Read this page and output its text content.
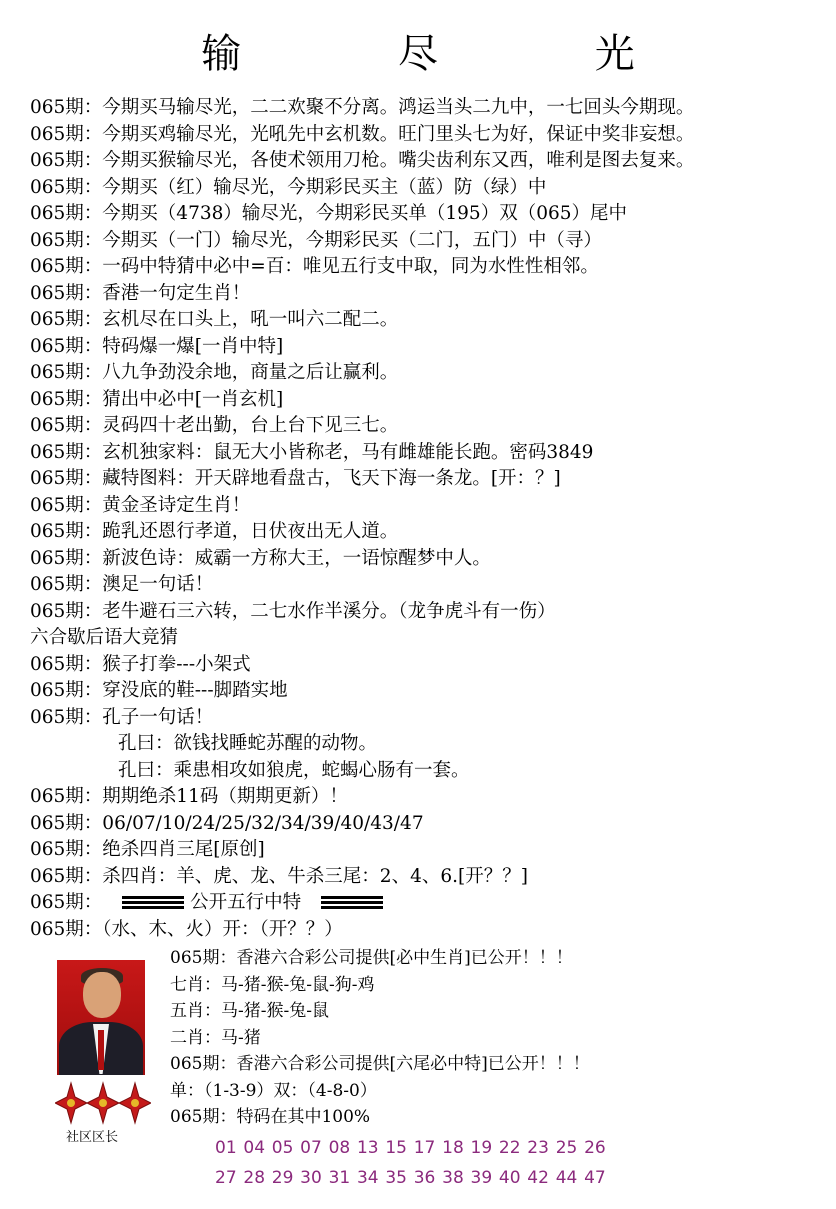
输 尽 光
065期：今期买马输尽光，二二欢聚不分离。鸿运当头二九中，一七回头今期现。
065期：今期买鸡输尽光，光吼先中玄机数。旺门里头七为好，保证中奖非妄想。
065期：今期买猴输尽光，各使术领用刀枪。嘴尖齿利东又西，唯利是图去复来。
065期：今期买（红）输尽光，今期彩民买主（蓝）防（绿）中
065期：今期买（4738）输尽光，今期彩民买单（195）双（065）尾中
065期：今期买（一门）输尽光，今期彩民买（二门，五门）中（寻）
065期：一码中特猜中必中=百：唯见五行支中取，同为水性性相邻。
065期：香港一句定生肖！
065期：玄机尽在口头上，吼一叫六二配二。
065期：特码爆一爆[一肖中特]
065期：八九争劲没余地，商量之后让赢利。
065期：猜出中必中[一肖玄机]
065期：灵码四十老出勤，台上台下见三七。
065期：玄机独家料：鼠无大小皆称老，马有雌雄能长跑。密码3849
065期：藏特图料：开天辟地看盘古，飞天下海一条龙。[开：？]
065期：黄金圣诗定生肖！
065期：跪乳还恩行孝道，日伏夜出无人道。
065期：新波色诗：威霸一方称大王，一语惊醒梦中人。
065期：澳足一句话！
065期：老牛避石三六转，二七水作半溪分。（龙争虎斗有一伤）
六合歇后语大竞猜
065期：猴子打拳---小架式
065期：穿没底的鞋---脚踏实地
065期：孔子一句话！
孔曰：欲钱找睡蛇苏醒的动物。
孔曰：乘患相攻如狼虎，蛇蝎心肠有一套。
065期：期期绝杀11码（期期更新）！
065期：06/07/10/24/25/32/34/39/40/43/47
065期：绝杀四肖三尾[原创]
065期：杀四肖：羊、虎、龙、牛杀三尾：2、4、6.[开？？]
065期：	公开五行中特
065期：（水、木、火）开：（开？？）
社区区长
065期：香港六合彩公司提供[必中生肖]已公开！！！
七肖：马-猪-猴-兔-鼠-狗-鸡
五肖：马-猪-猴-兔-鼠
二肖：马-猪
065期：香港六合彩公司提供[六尾必中特]已公开！！！
单：（1-3-9）双：（4-8-0）
065期：特码在其中100%
01 04 05 07 08 13 15 17 18 19 22 23 25 26
27 28 29 30 31 34 35 36 38 39 40 42 44 47
